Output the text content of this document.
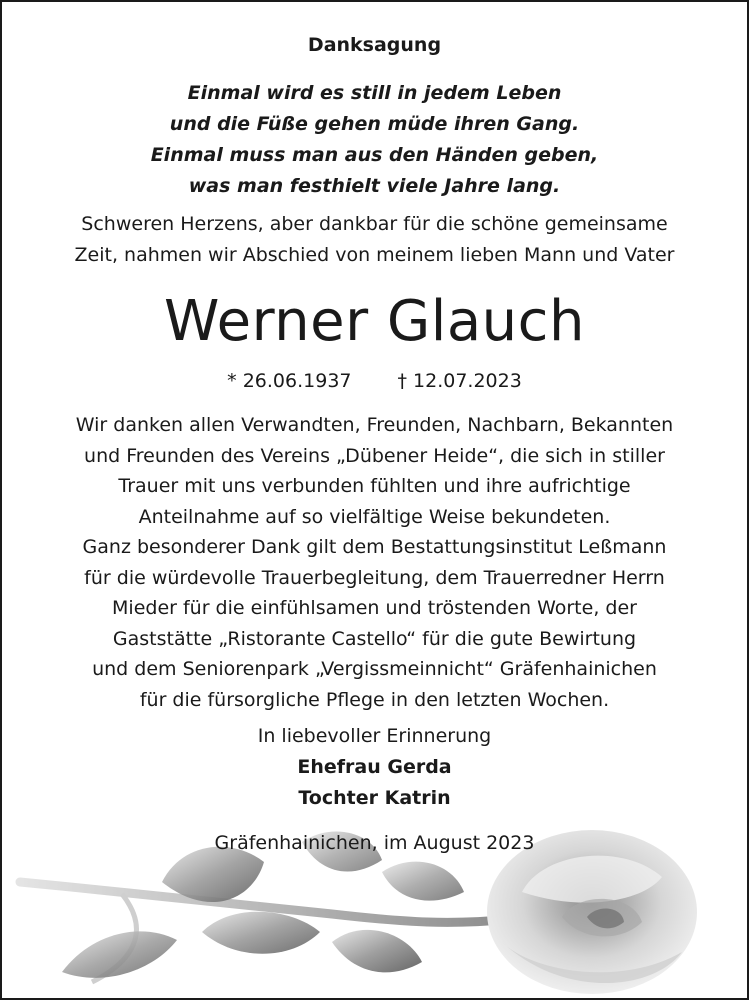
Danksagung
Einmal wird es still in jedem Leben
und die Füße gehen müde ihren Gang.
Einmal muss man aus den Händen geben,
was man festhielt viele Jahre lang.
Schweren Herzens, aber dankbar für die schöne gemeinsame
Zeit, nahmen wir Abschied von meinem lieben Mann und Vater
Werner Glauch
* 26.06.1937 † 12.07.2023
Wir danken allen Verwandten, Freunden, Nachbarn, Bekannten
und Freunden des Vereins „Dübener Heide“, die sich in stiller
Trauer mit uns verbunden fühlten und ihre aufrichtige
Anteilnahme auf so vielfältige Weise bekundeten.
Ganz besonderer Dank gilt dem Bestattungsinstitut Leßmann
für die würdevolle Trauerbegleitung, dem Trauerredner Herrn
Mieder für die einfühlsamen und tröstenden Worte, der
Gaststätte „Ristorante Castello“ für die gute Bewirtung
und dem Seniorenpark „Vergissmeinnicht“ Gräfenhainichen
für die fürsorgliche Pflege in den letzten Wochen.
In liebevoller Erinnerung
Ehefrau Gerda
Tochter Katrin
Gräfenhainichen, im August 2023
